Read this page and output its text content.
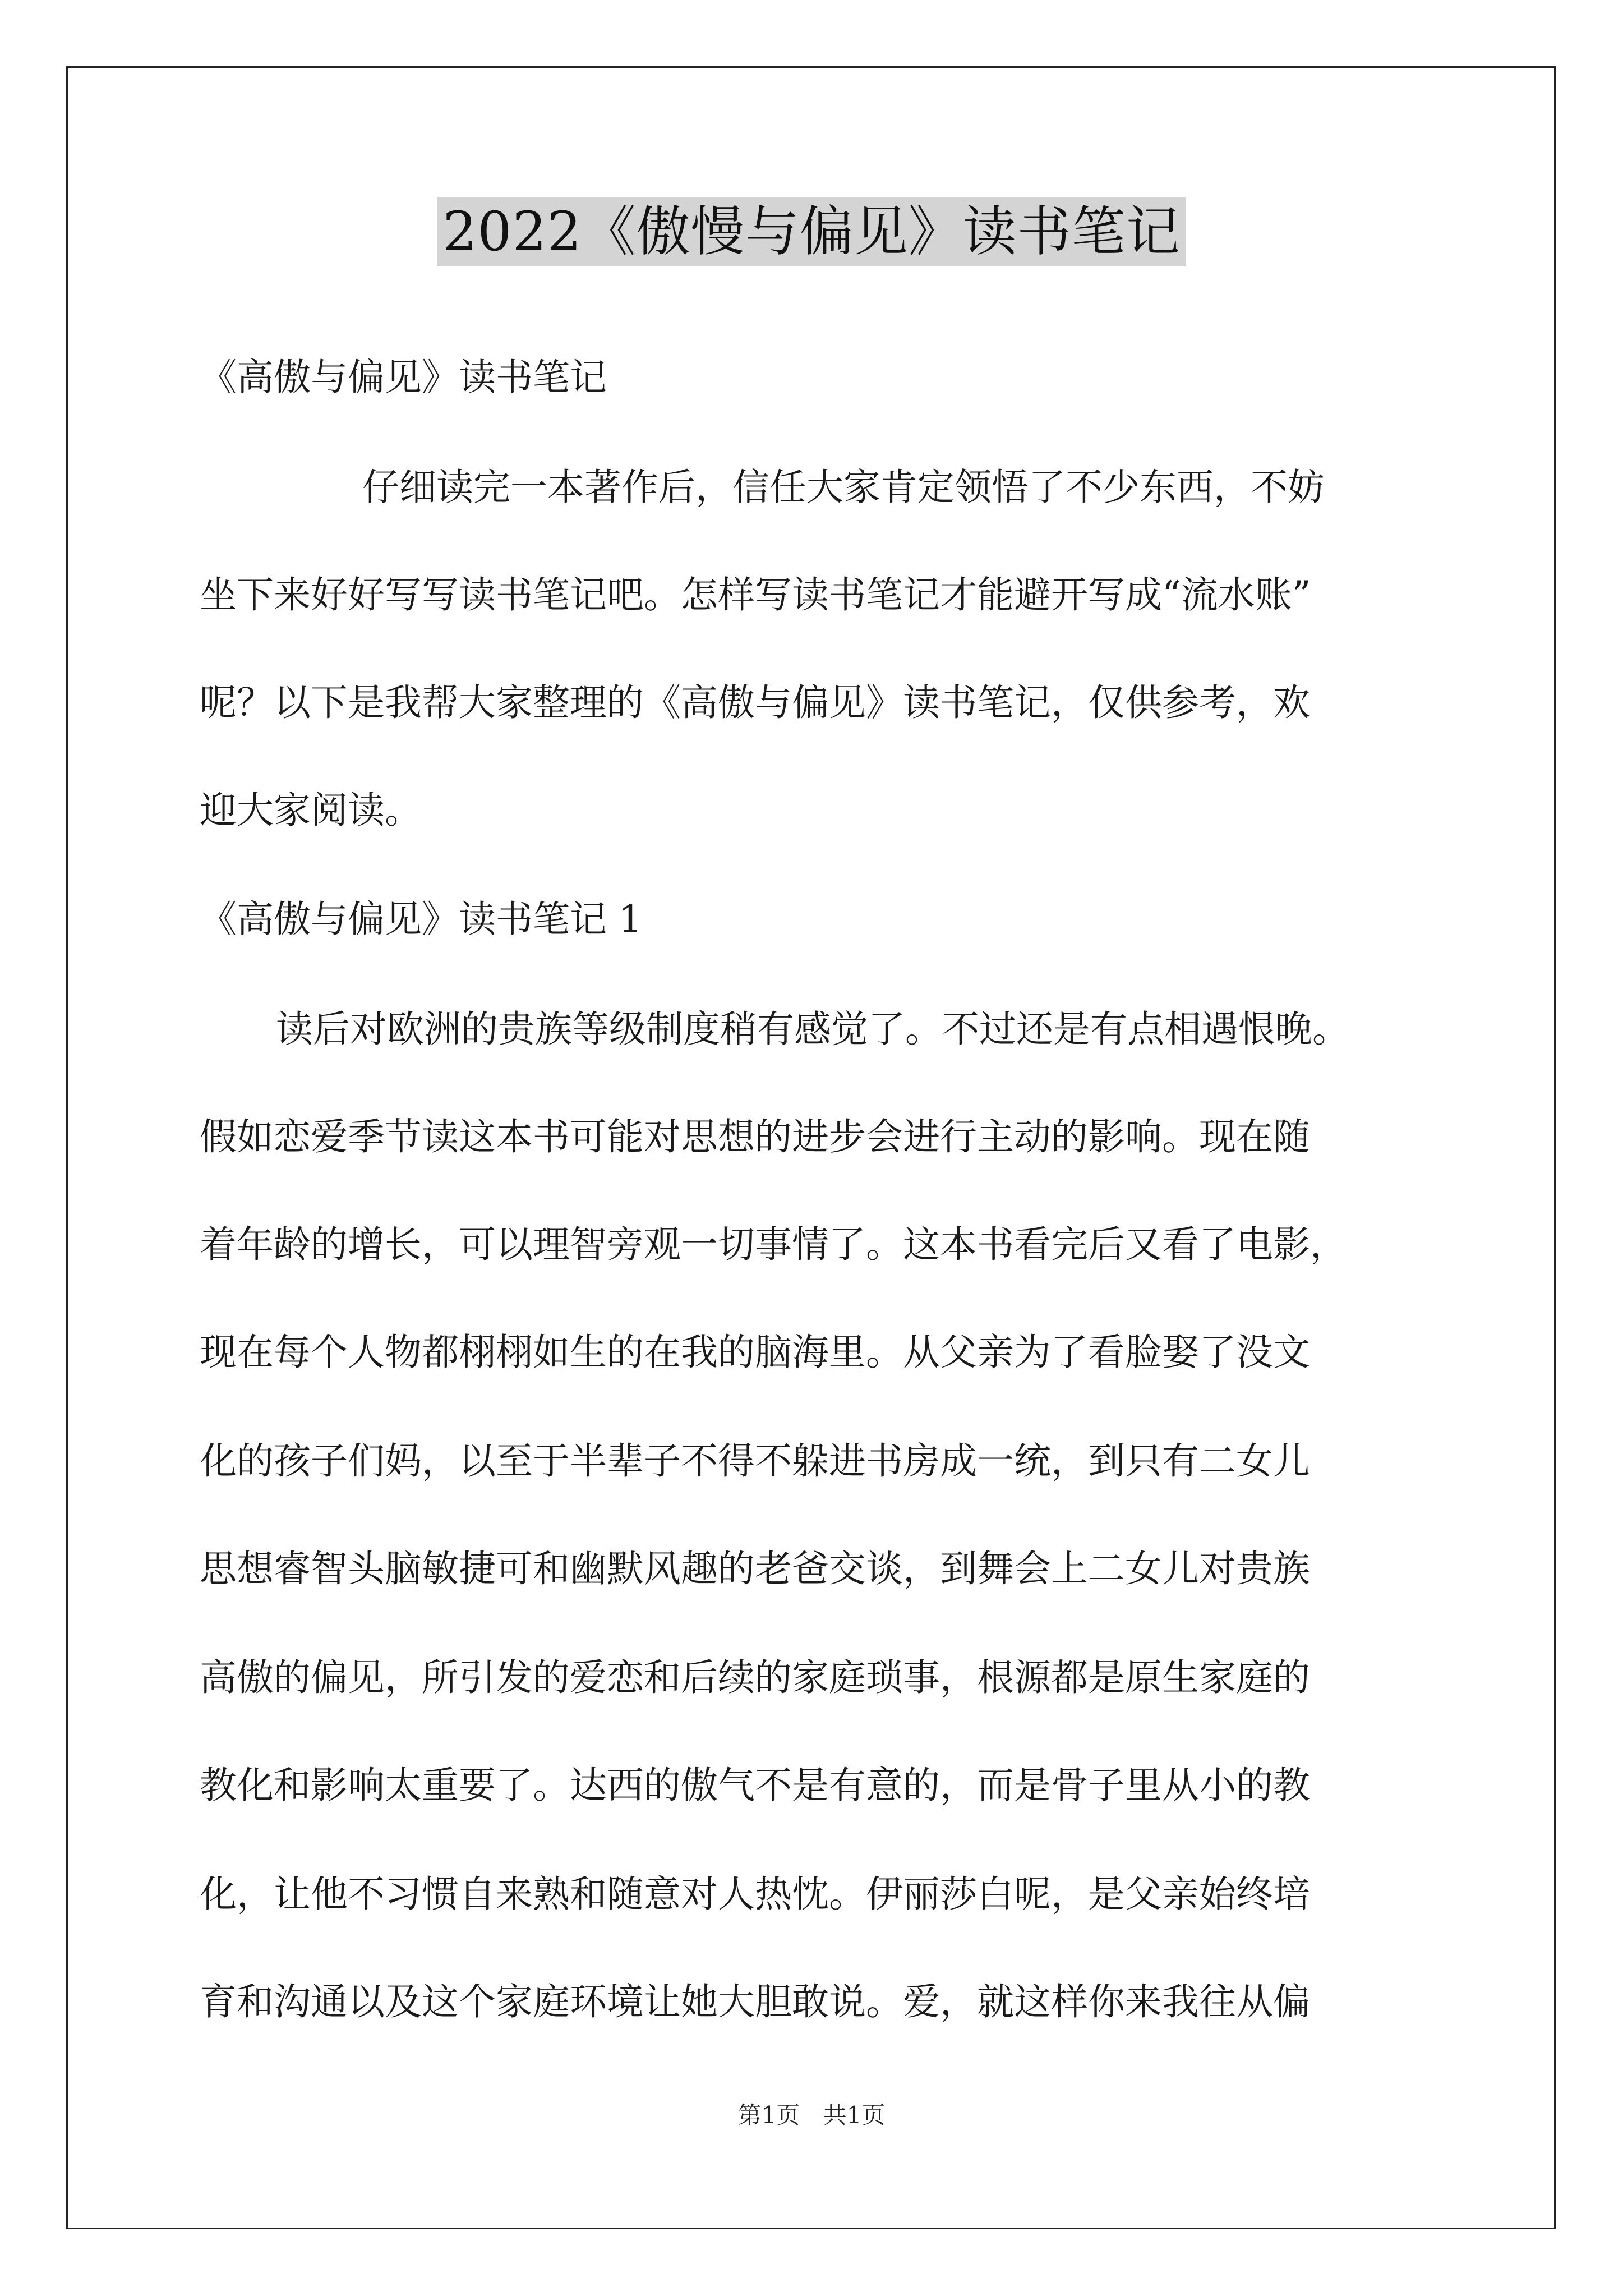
2022《傲慢与偏见》读书笔记
《高傲与偏见》读书笔记
仔细读完一本著作后，信任大家肯定领悟了不少东西，不妨
坐下来好好写写读书笔记吧。怎样写读书笔记才能避开写成“流水账”
呢？以下是我帮大家整理的《高傲与偏见》读书笔记，仅供参考，欢
迎大家阅读。
《高傲与偏见》读书笔记 1
读后对欧洲的贵族等级制度稍有感觉了。不过还是有点相遇恨晚。
假如恋爱季节读这本书可能对思想的进步会进行主动的影响。现在随
着年龄的增长，可以理智旁观一切事情了。这本书看完后又看了电影，
现在每个人物都栩栩如生的在我的脑海里。从父亲为了看脸娶了没文
化的孩子们妈，以至于半辈子不得不躲进书房成一统，到只有二女儿
思想睿智头脑敏捷可和幽默风趣的老爸交谈，到舞会上二女儿对贵族
高傲的偏见，所引发的爱恋和后续的家庭琐事，根源都是原生家庭的
教化和影响太重要了。达西的傲气不是有意的，而是骨子里从小的教
化，让他不习惯自来熟和随意对人热忱。伊丽莎白呢，是父亲始终培
育和沟通以及这个家庭环境让她大胆敢说。爱，就这样你来我往从偏
第1页 共1页
